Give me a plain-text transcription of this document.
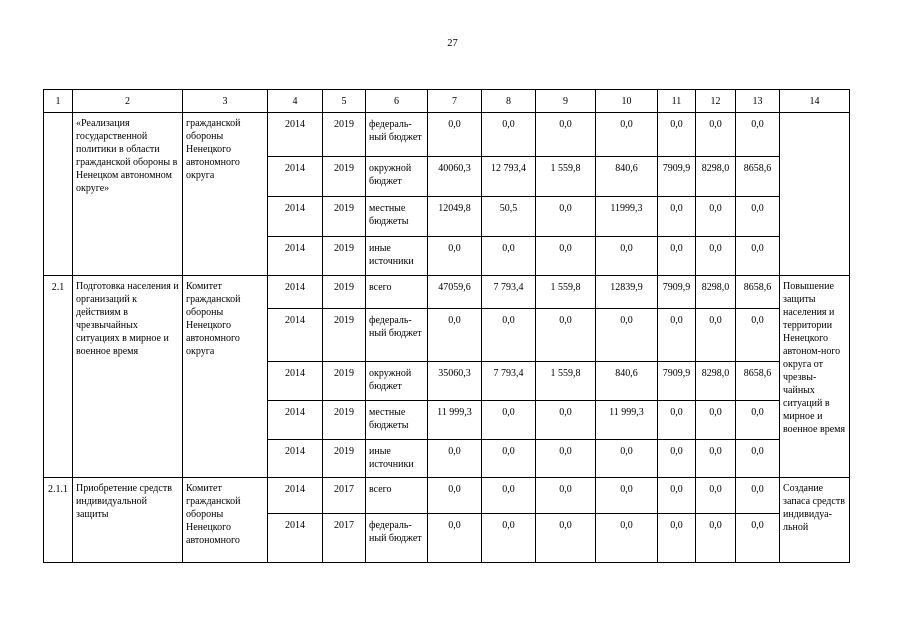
27
1	2	3	4	5	6	7	8	9	10	11	12	13	14
	«Реализация государственной политики в области гражданской обороны в Ненецком автономном округе»	гражданской обороны Ненецкого автономного округа	2014	2019	федераль-ный бюджет	0,0	0,0	0,0	0,0	0,0	0,0	0,0	
			2014	2019	окружной бюджет	40060,3	12 793,4	1 559,8	840,6	7909,9	8298,0	8658,6	
			2014	2019	местные бюджеты	12049,8	50,5	0,0	11999,3	0,0	0,0	0,0	
			2014	2019	иные источники	0,0	0,0	0,0	0,0	0,0	0,0	0,0	
2.1	Подготовка населения и организаций к действиям в чрезвычайных ситуациях в мирное и военное время	Комитет гражданской обороны Ненецкого автономного округа	2014	2019	всего	47059,6	7 793,4	1 559,8	12839,9	7909,9	8298,0	8658,6	Повышение защиты населения и территории Ненецкого автоном-ного округа от чрезвы-чайных ситуаций в мирное и военное время
			2014	2019	федераль-ный бюджет	0,0	0,0	0,0	0,0	0,0	0,0	0,0	
			2014	2019	окружной бюджет	35060,3	7 793,4	1 559,8	840,6	7909,9	8298,0	8658,6	
			2014	2019	местные бюджеты	11 999,3	0,0	0,0	11 999,3	0,0	0,0	0,0	
			2014	2019	иные источники	0,0	0,0	0,0	0,0	0,0	0,0	0,0	
2.1.1	Приобретение средств индивидуальной защиты	Комитет гражданской обороны Ненецкого автономного	2014	2017	всего	0,0	0,0	0,0	0,0	0,0	0,0	0,0	Создание запаса средств индивидуа-льной
			2014	2017	федераль-ный бюджет	0,0	0,0	0,0	0,0	0,0	0,0	0,0	
